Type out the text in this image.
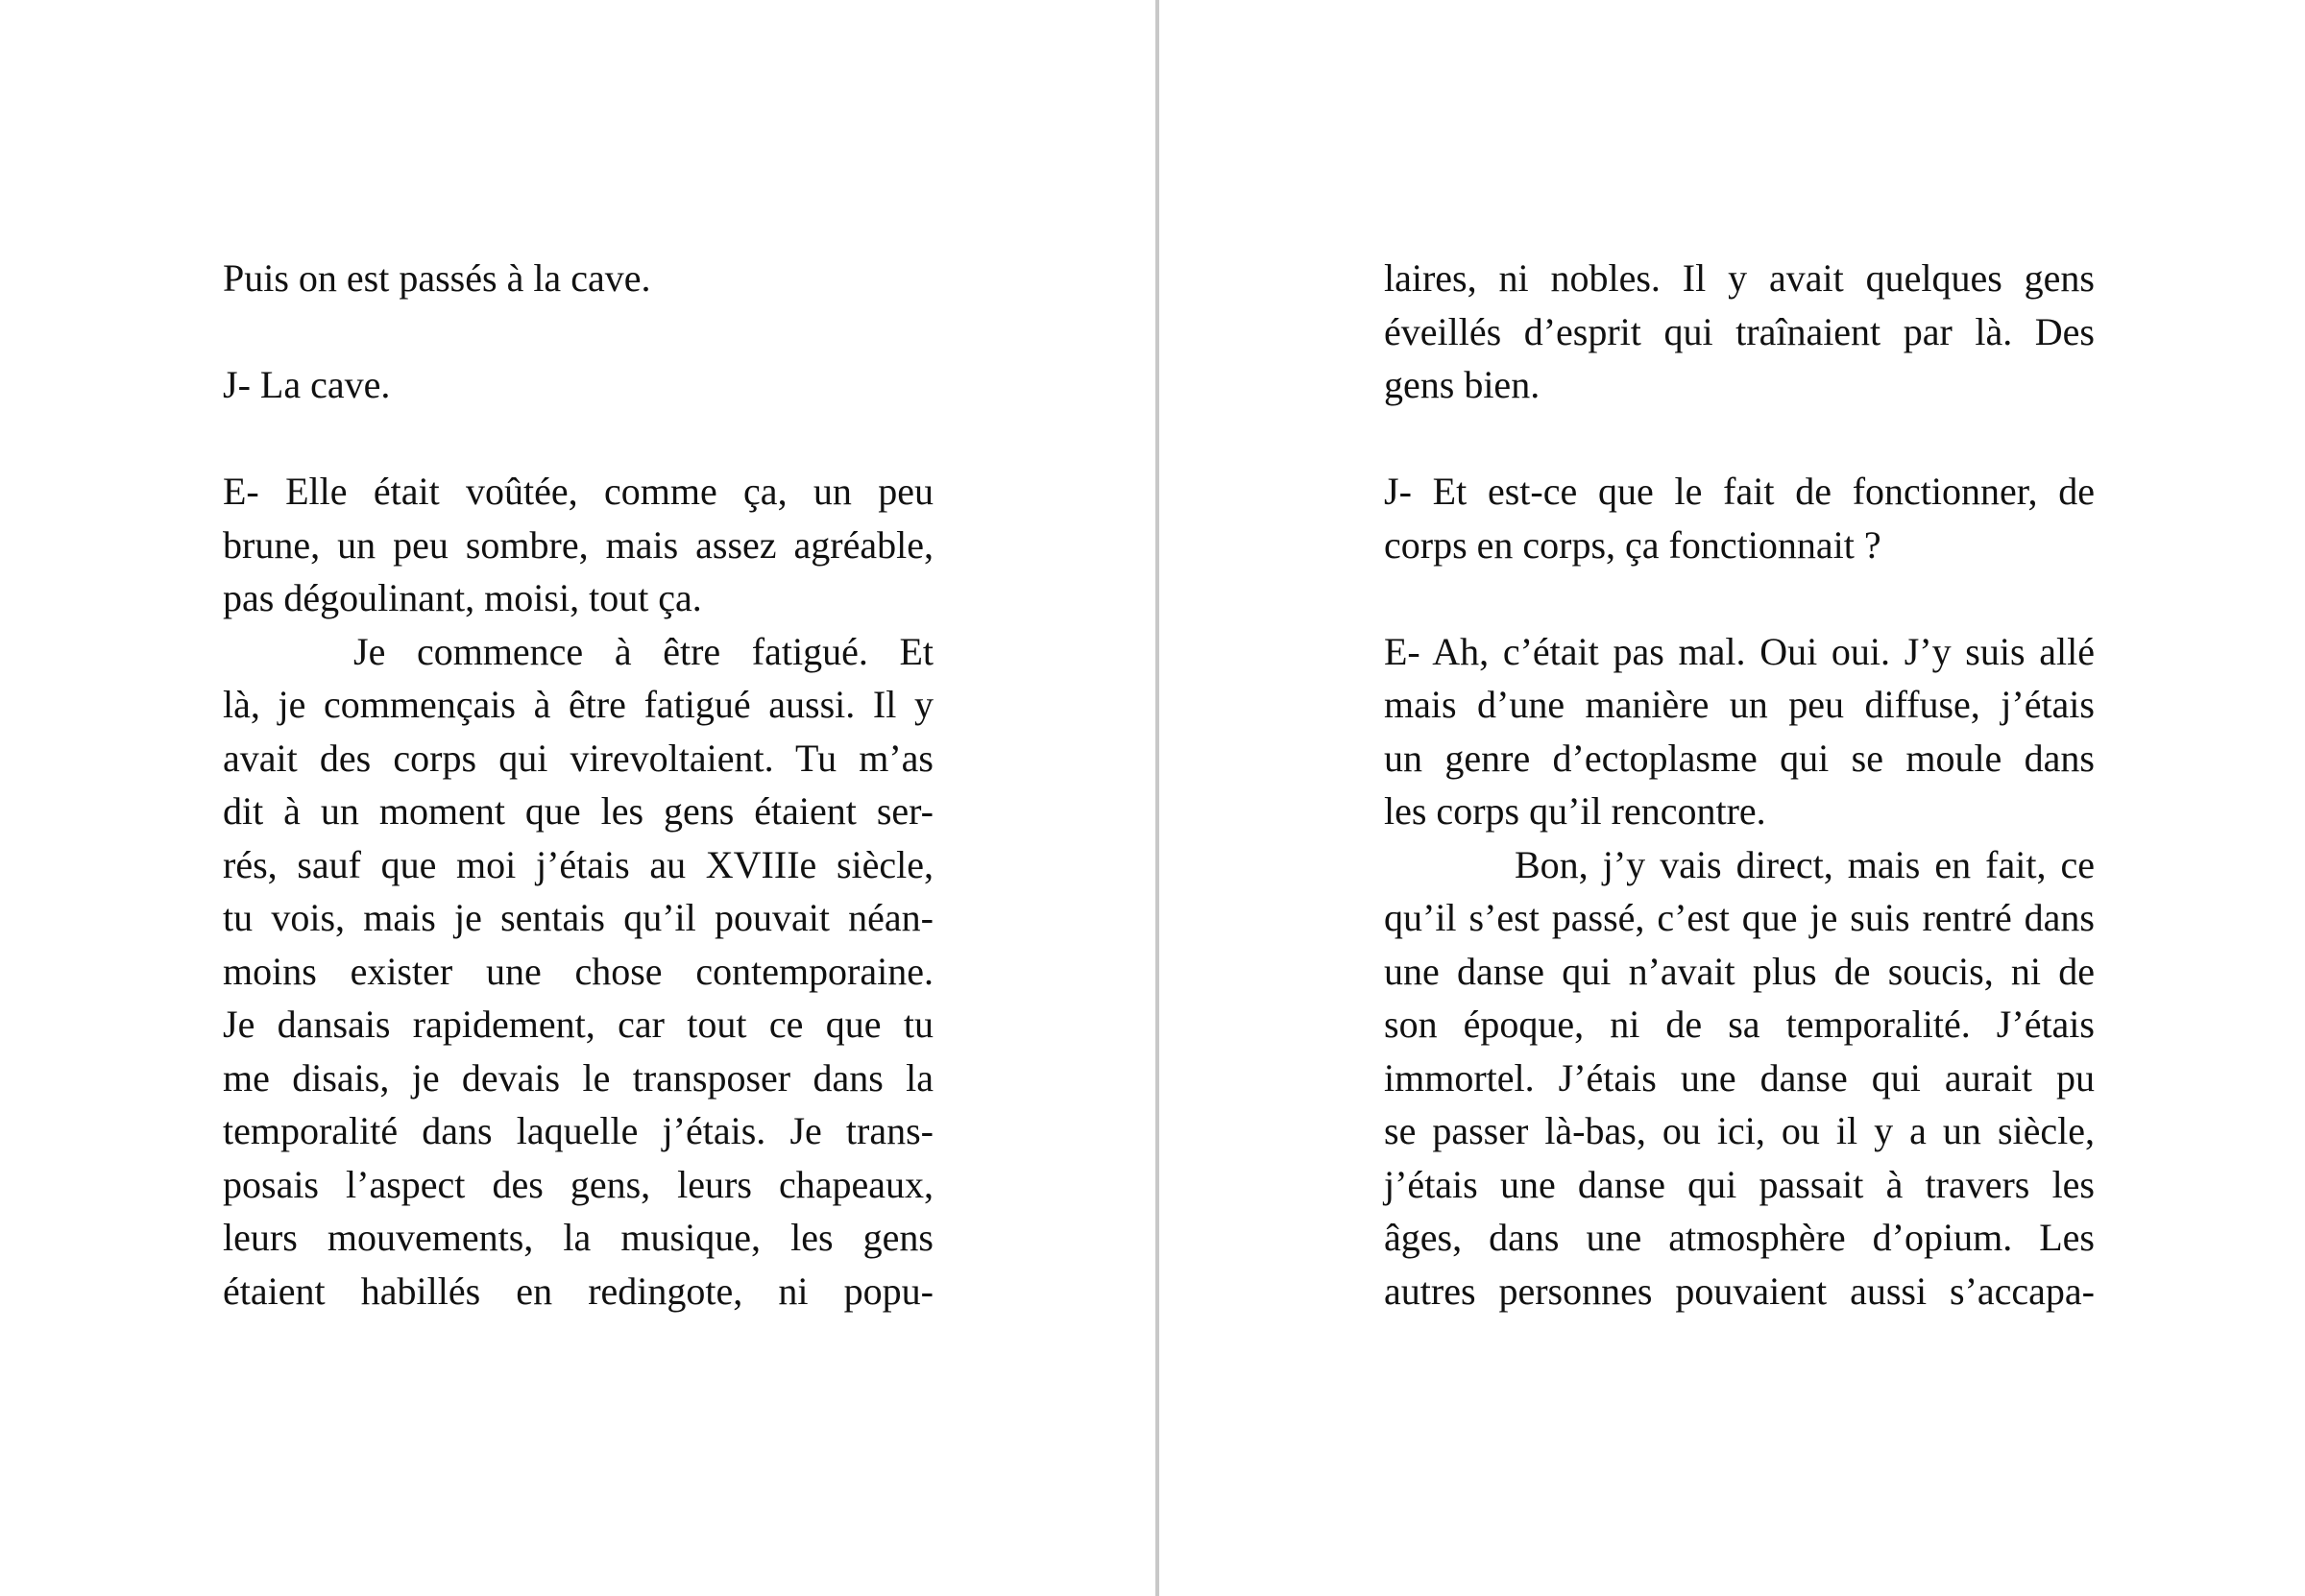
Puis on est passés à la cave.
J- La cave.
E- Elle était voûtée, comme ça, un peu
brune, un peu sombre, mais assez agréable,
pas dégoulinant, moisi, tout ça.
Je commence à être fatigué. Et
là, je commençais à être fatigué aussi. Il y
avait des corps qui virevoltaient. Tu m’as
dit à un moment que les gens étaient ser-
rés, sauf que moi j’étais au XVIIIe siècle,
tu vois, mais je sentais qu’il pouvait néan-
moins exister une chose contemporaine.
Je dansais rapidement, car tout ce que tu
me disais, je devais le transposer dans la
temporalité dans laquelle j’étais. Je trans-
posais l’aspect des gens, leurs chapeaux,
leurs mouvements, la musique, les gens
étaient habillés en redingote, ni popu-
laires, ni nobles. Il y avait quelques gens
éveillés d’esprit qui traînaient par là. Des
gens bien.
J- Et est-ce que le fait de fonctionner, de
corps en corps, ça fonctionnait ?
E- Ah, c’était pas mal. Oui oui. J’y suis allé
mais d’une manière un peu diffuse, j’étais
un genre d’ectoplasme qui se moule dans
les corps qu’il rencontre.
Bon, j’y vais direct, mais en fait, ce
qu’il s’est passé, c’est que je suis rentré dans
une danse qui n’avait plus de soucis, ni de
son époque, ni de sa temporalité. J’étais
immortel. J’étais une danse qui aurait pu
se passer là-bas, ou ici, ou il y a un siècle,
j’étais une danse qui passait à travers les
âges, dans une atmosphère d’opium. Les
autres personnes pouvaient aussi s’accapa-
